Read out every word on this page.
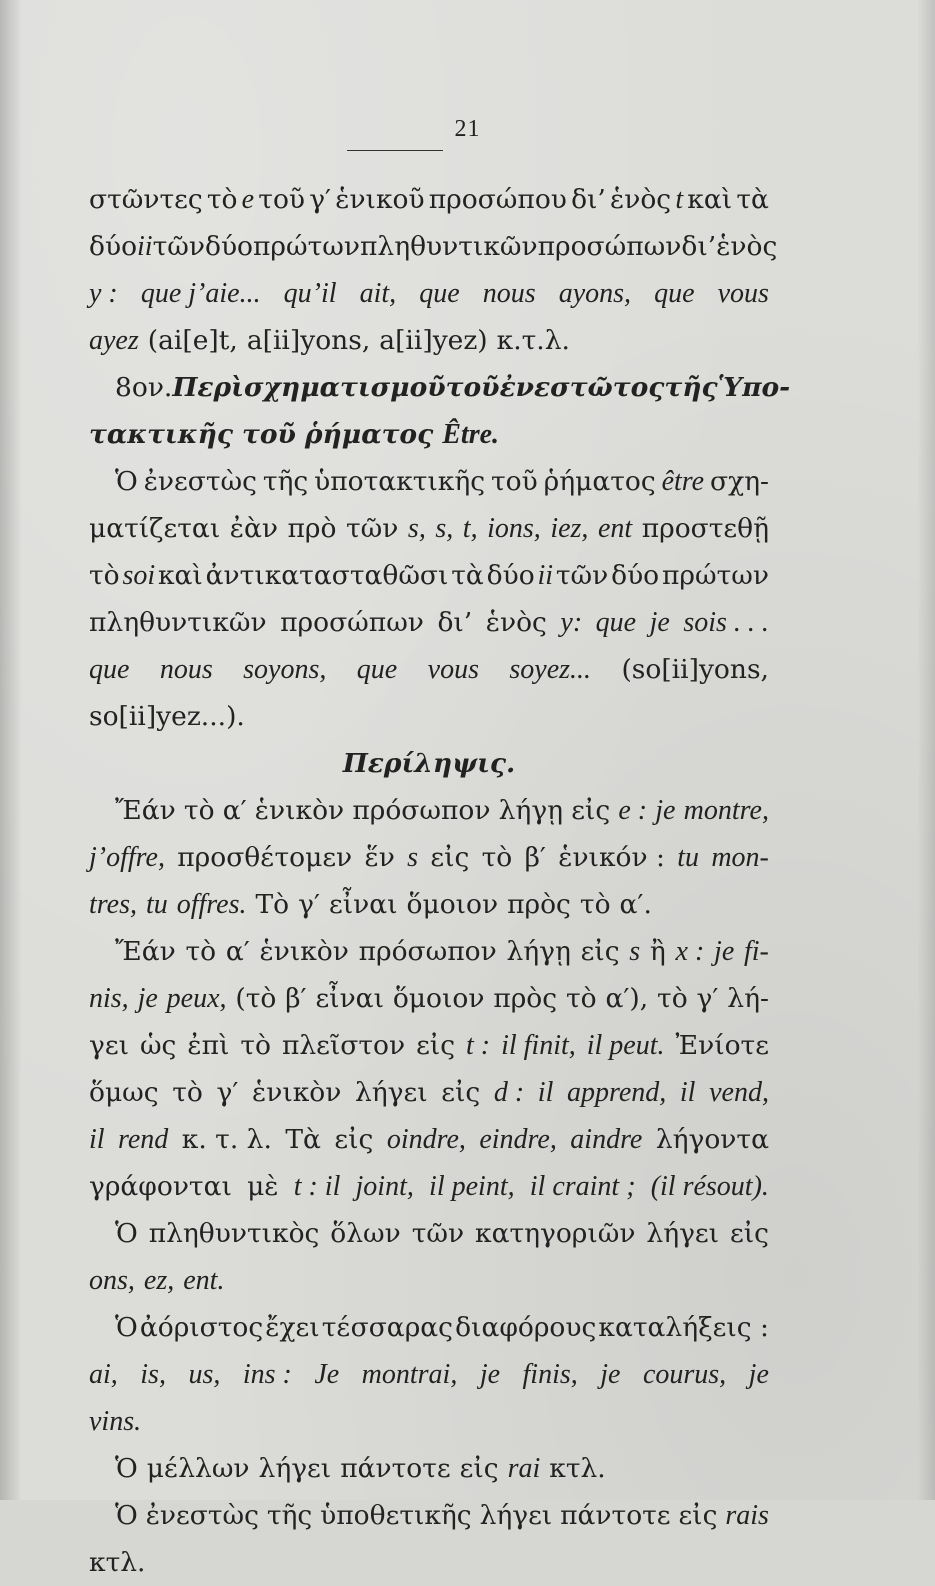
21
στῶντες τὸ e τοῦ γ′ ἑνικοῦ προσώπου δι’ ἑνὸς t καὶ τὰ
δύο ii τῶν δύο πρώτων πληθυντικῶν προσώπων δι’ ἑνὸς
y : que j’aie... qu’il ait, que nous ayons, que vous
ayez (ai[e]t, a[ii]yons, a[ii]yez) κ.τ.λ.
8ον. Περὶ σχηματισμοῦ τοῦ ἐνεστῶτος τῆς Ὑπο-
τακτικῆς τοῦ ῥήματος Être.
Ὁ ἐνεστὼς τῆς ὑποτακτικῆς τοῦ ῥήματος être σχη-
ματίζεται ἐὰν πρὸ τῶν s, s, t, ions, iez, ent προστεθῇ
τὸ soi καὶ ἀντικατασταθῶσι τὰ δύο ii τῶν δύο πρώτων
πληθυντικῶν προσώπων δι’ ἑνὸς y: que je sois . . .
que nous soyons, que vous soyez... (so[ii]yons,
so[ii]yez...).
Περίληψις.
Ἔάν τὸ α′ ἑνικὸν πρόσωπον λήγῃ εἰς e : je montre,
j’offre, προσθέτομεν ἕν s εἰς τὸ β′ ἑνικόν : tu mon-
tres, tu offres. Τὸ γ′ εἶναι ὅμοιον πρὸς τὸ α′.
Ἔάν τὸ α′ ἑνικὸν πρόσωπον λήγῃ εἰς s ἢ x : je fi-
nis, je peux, (τὸ β′ εἶναι ὅμοιον πρὸς τὸ α′), τὸ γ′ λή-
γει ὡς ἐπὶ τὸ πλεῖστον εἰς t : il finit, il peut. Ἐνίοτε
ὅμως τὸ γ′ ἑνικὸν λήγει εἰς d : il apprend, il vend,
il rend κ. τ. λ. Τὰ εἰς oindre, eindre, aindre λήγοντα
γράφονται μὲ t : il joint, il peint, il craint ; (il résout).
Ὁ πληθυντικὸς ὅλων τῶν κατηγοριῶν λήγει εἰς
ons, ez, ent.
Ὁ ἀόριστος ἔχει τέσσαρας διαφόρους καταλήξεις :
ai, is, us, ins : Je montrai, je finis, je courus, je
vins.
Ὁ μέλλων λήγει πάντοτε εἰς rai κτλ.
Ὁ ἐνεστὼς τῆς ὑποθετικῆς λήγει πάντοτε εἰς rais
κτλ.
